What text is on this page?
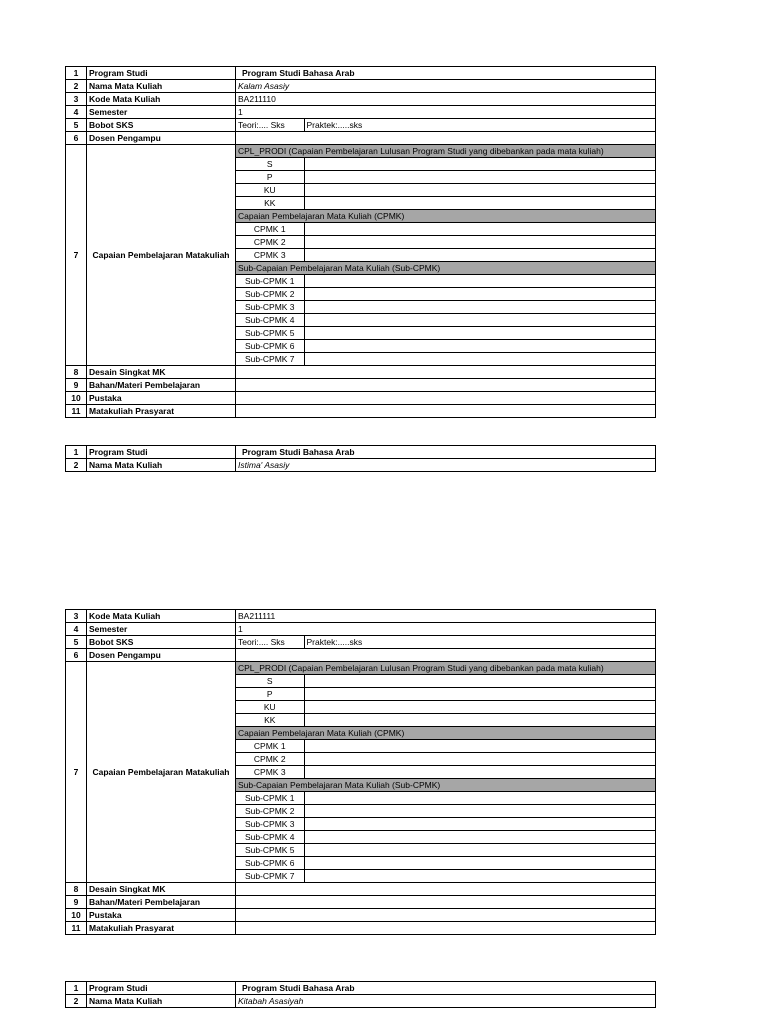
1	Program Studi	Program Studi Bahasa Arab
2	Nama Mata Kuliah	Kalam Asasiy
3	Kode Mata Kuliah	BA211110
4	Semester	1
5	Bobot SKS		Teori:.... Sks	Praktek:.....sks

6	Dosen Pengampu	
7	Capaian Pembelajaran Matakuliah	
CPL_PRODI (Capaian Pembelajaran Lulusan Program Studi yang dibebankan pada mata kuliah)
S	
P	
KU	
KK	
Capaian Pembelajaran Mata Kuliah (CPMK)
CPMK 1	
CPMK 2	
CPMK 3	
Sub-Capaian Pembelajaran Mata Kuliah (Sub-CPMK)
Sub-CPMK 1	
Sub-CPMK 2	
Sub-CPMK 3	
Sub-CPMK 4	
Sub-CPMK 5	
Sub-CPMK 6	
Sub-CPMK 7	

8	Desain Singkat MK	
9	Bahan/Materi Pembelajaran	
10	Pustaka	
11	Matakuliah Prasyarat	
1	Program Studi	Program Studi Bahasa Arab
2	Nama Mata Kuliah	Istima' Asasiy
3	Kode Mata Kuliah	BA211111
4	Semester	1
5	Bobot SKS		Teori:.... Sks	Praktek:.....sks

6	Dosen Pengampu	
7	Capaian Pembelajaran Matakuliah	
CPL_PRODI (Capaian Pembelajaran Lulusan Program Studi yang dibebankan pada mata kuliah)
S	
P	
KU	
KK	
Capaian Pembelajaran Mata Kuliah (CPMK)
CPMK 1	
CPMK 2	
CPMK 3	
Sub-Capaian Pembelajaran Mata Kuliah (Sub-CPMK)
Sub-CPMK 1	
Sub-CPMK 2	
Sub-CPMK 3	
Sub-CPMK 4	
Sub-CPMK 5	
Sub-CPMK 6	
Sub-CPMK 7	

8	Desain Singkat MK	
9	Bahan/Materi Pembelajaran	
10	Pustaka	
11	Matakuliah Prasyarat	
1	Program Studi	Program Studi Bahasa Arab
2	Nama Mata Kuliah	Kitabah Asasiyah
